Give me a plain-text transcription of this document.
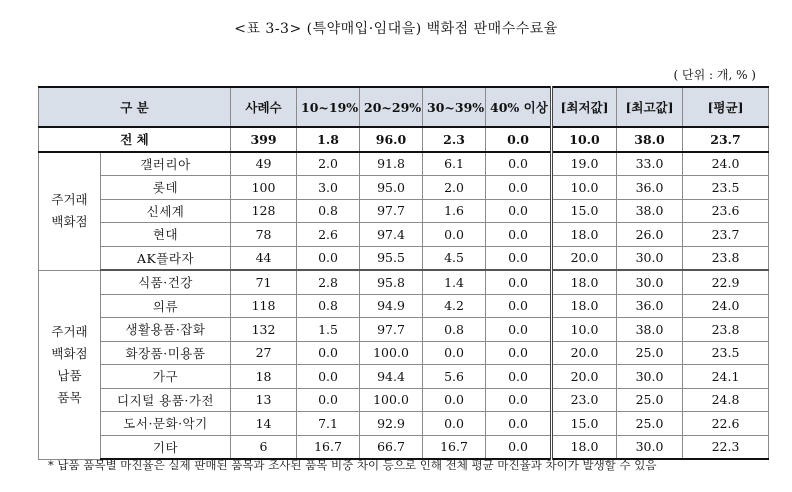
<표 3-3> (특약매입·임대을) 백화점 판매수수료율
( 단위 : 개, % )
구 분		사례수	10~19%	20~29%	30~39%	40% 이상	[최저값]	[최고값]	[평균]
전 체		399	1.8	96.0	2.3	0.0	10.0	38.0	23.7

주거래
백화점	갤러리아	49	2.0	91.8	6.1	0.0	19.0	33.0	24.0
	롯데	100	3.0	95.0	2.0	0.0	10.0	36.0	23.5
	신세계	128	0.8	97.7	1.6	0.0	15.0	38.0	23.6
	현대	78	2.6	97.4	0.0	0.0	18.0	26.0	23.7
	AK플라자	44	0.0	95.5	4.5	0.0	20.0	30.0	23.8

주거래
백화점
납품
품목	식품·건강	71	2.8	95.8	1.4	0.0	18.0	30.0	22.9
	의류	118	0.8	94.9	4.2	0.0	18.0	36.0	24.0
	생활용품·잡화	132	1.5	97.7	0.8	0.0	10.0	38.0	23.8
	화장품·미용품	27	0.0	100.0	0.0	0.0	20.0	25.0	23.5
	가구	18	0.0	94.4	5.6	0.0	20.0	30.0	24.1
	디지털 용품·가전	13	0.0	100.0	0.0	0.0	23.0	25.0	24.8
	도서·문화·악기	14	7.1	92.9	0.0	0.0	15.0	25.0	22.6
	기타	6	16.7	66.7	16.7	0.0	18.0	30.0	22.3
* 납품 품목별 마진율은 실제 판매된 품목과 조사된 품목 비중 차이 등으로 인해 전체 평균 마진율과 차이가 발생할 수 있음
